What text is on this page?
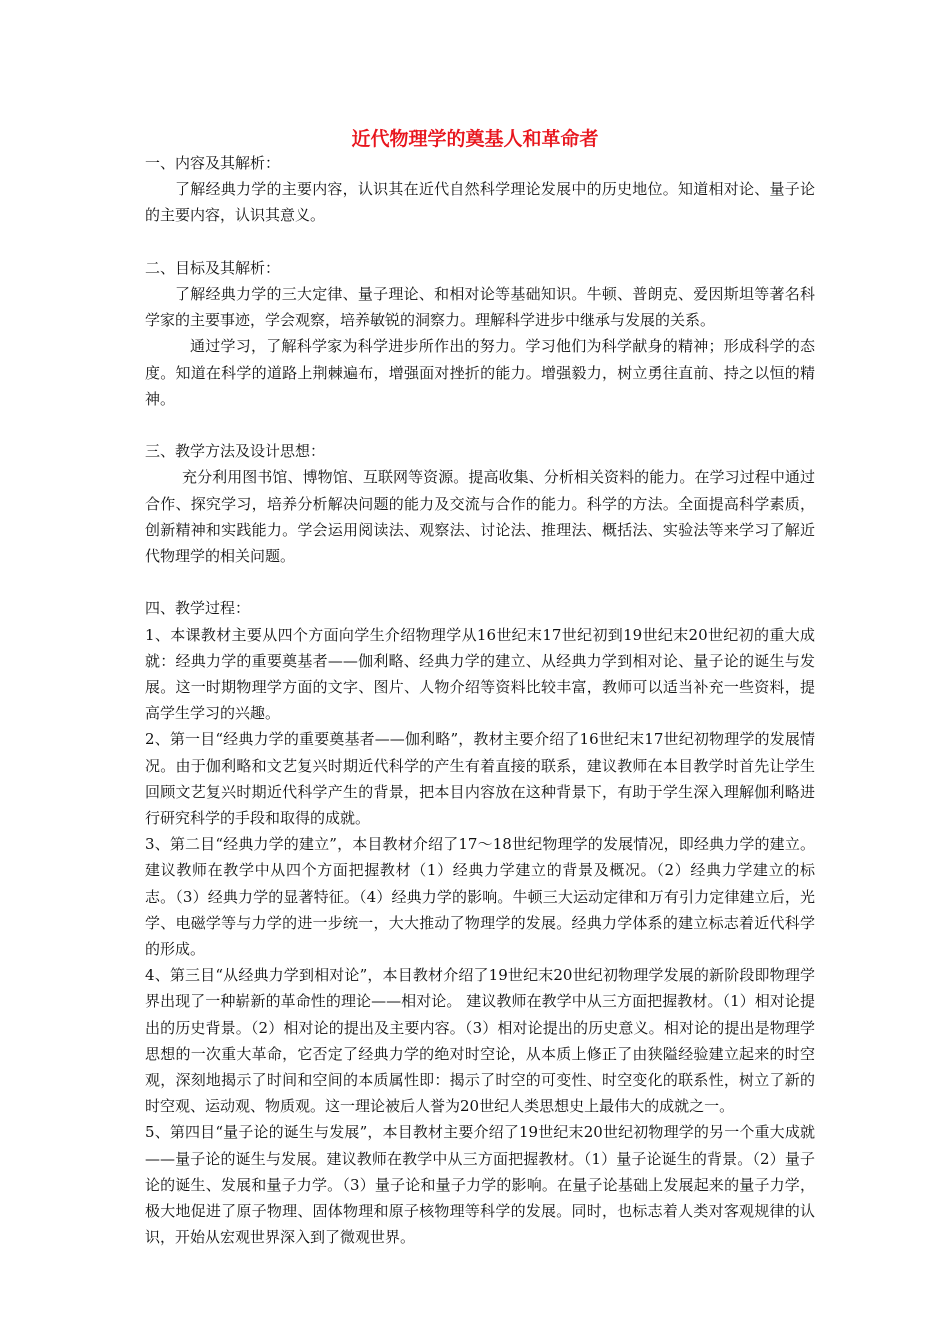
近代物理学的奠基人和革命者

一、内容及其解析：

了解经典力学的主要内容，认识其在近代自然科学理论发展中的历史地位。知道相对论、量子论的主要内容，认识其意义。

二、目标及其解析：

了解经典力学的三大定律、量子理论、和相对论等基础知识。牛顿、普朗克、爱因斯坦等著名科学家的主要事迹，学会观察，培养敏锐的洞察力。理解科学进步中继承与发展的关系。

通过学习，了解科学家为科学进步所作出的努力。学习他们为科学献身的精神；形成科学的态度。知道在科学的道路上荆棘遍布，增强面对挫折的能力。增强毅力，树立勇往直前、持之以恒的精神。

三、教学方法及设计思想：

充分利用图书馆、博物馆、互联网等资源。提高收集、分析相关资料的能力。在学习过程中通过合作、探究学习，培养分析解决问题的能力及交流与合作的能力。科学的方法。全面提高科学素质，创新精神和实践能力。学会运用阅读法、观察法、讨论法、推理法、概括法、实验法等来学习了解近代物理学的相关问题。

四、教学过程：

1、本课教材主要从四个方面向学生介绍物理学从16世纪末17世纪初到19世纪末20世纪初的重大成就：经典力学的重要奠基者——伽利略、经典力学的建立、从经典力学到相对论、量子论的诞生与发展。这一时期物理学方面的文字、图片、人物介绍等资料比较丰富，教师可以适当补充一些资料，提高学生学习的兴趣。

2、第一目“经典力学的重要奠基者——伽利略”，教材主要介绍了16世纪末17世纪初物理学的发展情况。由于伽利略和文艺复兴时期近代科学的产生有着直接的联系，建议教师在本目教学时首先让学生回顾文艺复兴时期近代科学产生的背景，把本目内容放在这种背景下，有助于学生深入理解伽利略进行研究科学的手段和取得的成就。

3、第二目“经典力学的建立”，本目教材介绍了17～18世纪物理学的发展情况，即经典力学的建立。建议教师在教学中从四个方面把握教材（1）经典力学建立的背景及概况。（2）经典力学建立的标志。（3）经典力学的显著特征。（4）经典力学的影响。牛顿三大运动定律和万有引力定律建立后，光学、电磁学等与力学的进一步统一，大大推动了物理学的发展。经典力学体系的建立标志着近代科学的形成。

4、第三目“从经典力学到相对论”，本目教材介绍了19世纪末20世纪初物理学发展的新阶段即物理学界出现了一种崭新的革命性的理论——相对论。 建议教师在教学中从三方面把握教材。（1）相对论提出的历史背景。（2）相对论的提出及主要内容。（3）相对论提出的历史意义。相对论的提出是物理学思想的一次重大革命，它否定了经典力学的绝对时空论，从本质上修正了由狭隘经验建立起来的时空观，深刻地揭示了时间和空间的本质属性即：揭示了时空的可变性、时空变化的联系性，树立了新的时空观、运动观、物质观。这一理论被后人誉为20世纪人类思想史上最伟大的成就之一。

5、第四目“量子论的诞生与发展”，本目教材主要介绍了19世纪末20世纪初物理学的另一个重大成就——量子论的诞生与发展。建议教师在教学中从三方面把握教材。（1）量子论诞生的背景。（2）量子论的诞生、发展和量子力学。（3）量子论和量子力学的影响。在量子论基础上发展起来的量子力学，极大地促进了原子物理、固体物理和原子核物理等科学的发展。同时，也标志着人类对客观规律的认识，开始从宏观世界深入到了微观世界。
